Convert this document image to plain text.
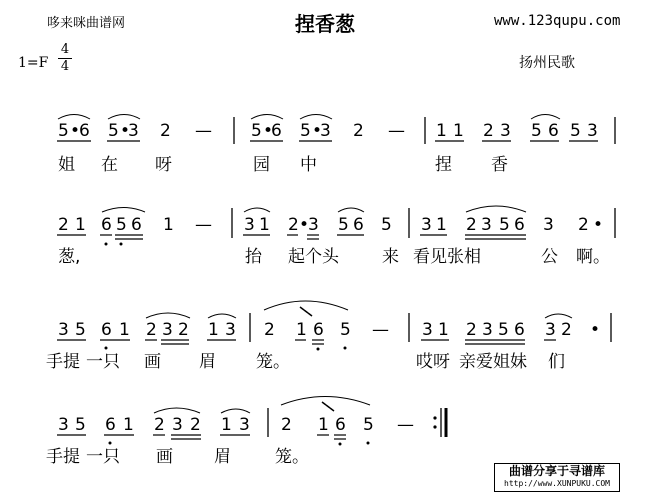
哆来咪曲谱网	捏香葱	www.123qupu.com
1=F
4
4	扬州民歌
5 •
6 5 •
3 2 — 5 •
6 5 •
3 2 — 1 1 2 3 5 6 5 3
姐 在 呀	园 中	捏 香
2 1 6 5 6 1 — 3 1 2 •
3 5 6 5 3 1 2 3 5 6 3 2 •
葱,	抬 起个头	来 看见张相	公 啊。
3 5 6 1 2 3 2 1 3 2 1 6 5 — 3 1 2 3 5 6 3 2 •
手提 一只 画 眉 笼。	哎呀 亲爱姐妹 们
3 5 6 1 2 3 2 1 3 2 1 6 5 —
手提 一只 画 眉	笼。
曲谱分享于寻谱库
http://www.XUNPUKU.COM
